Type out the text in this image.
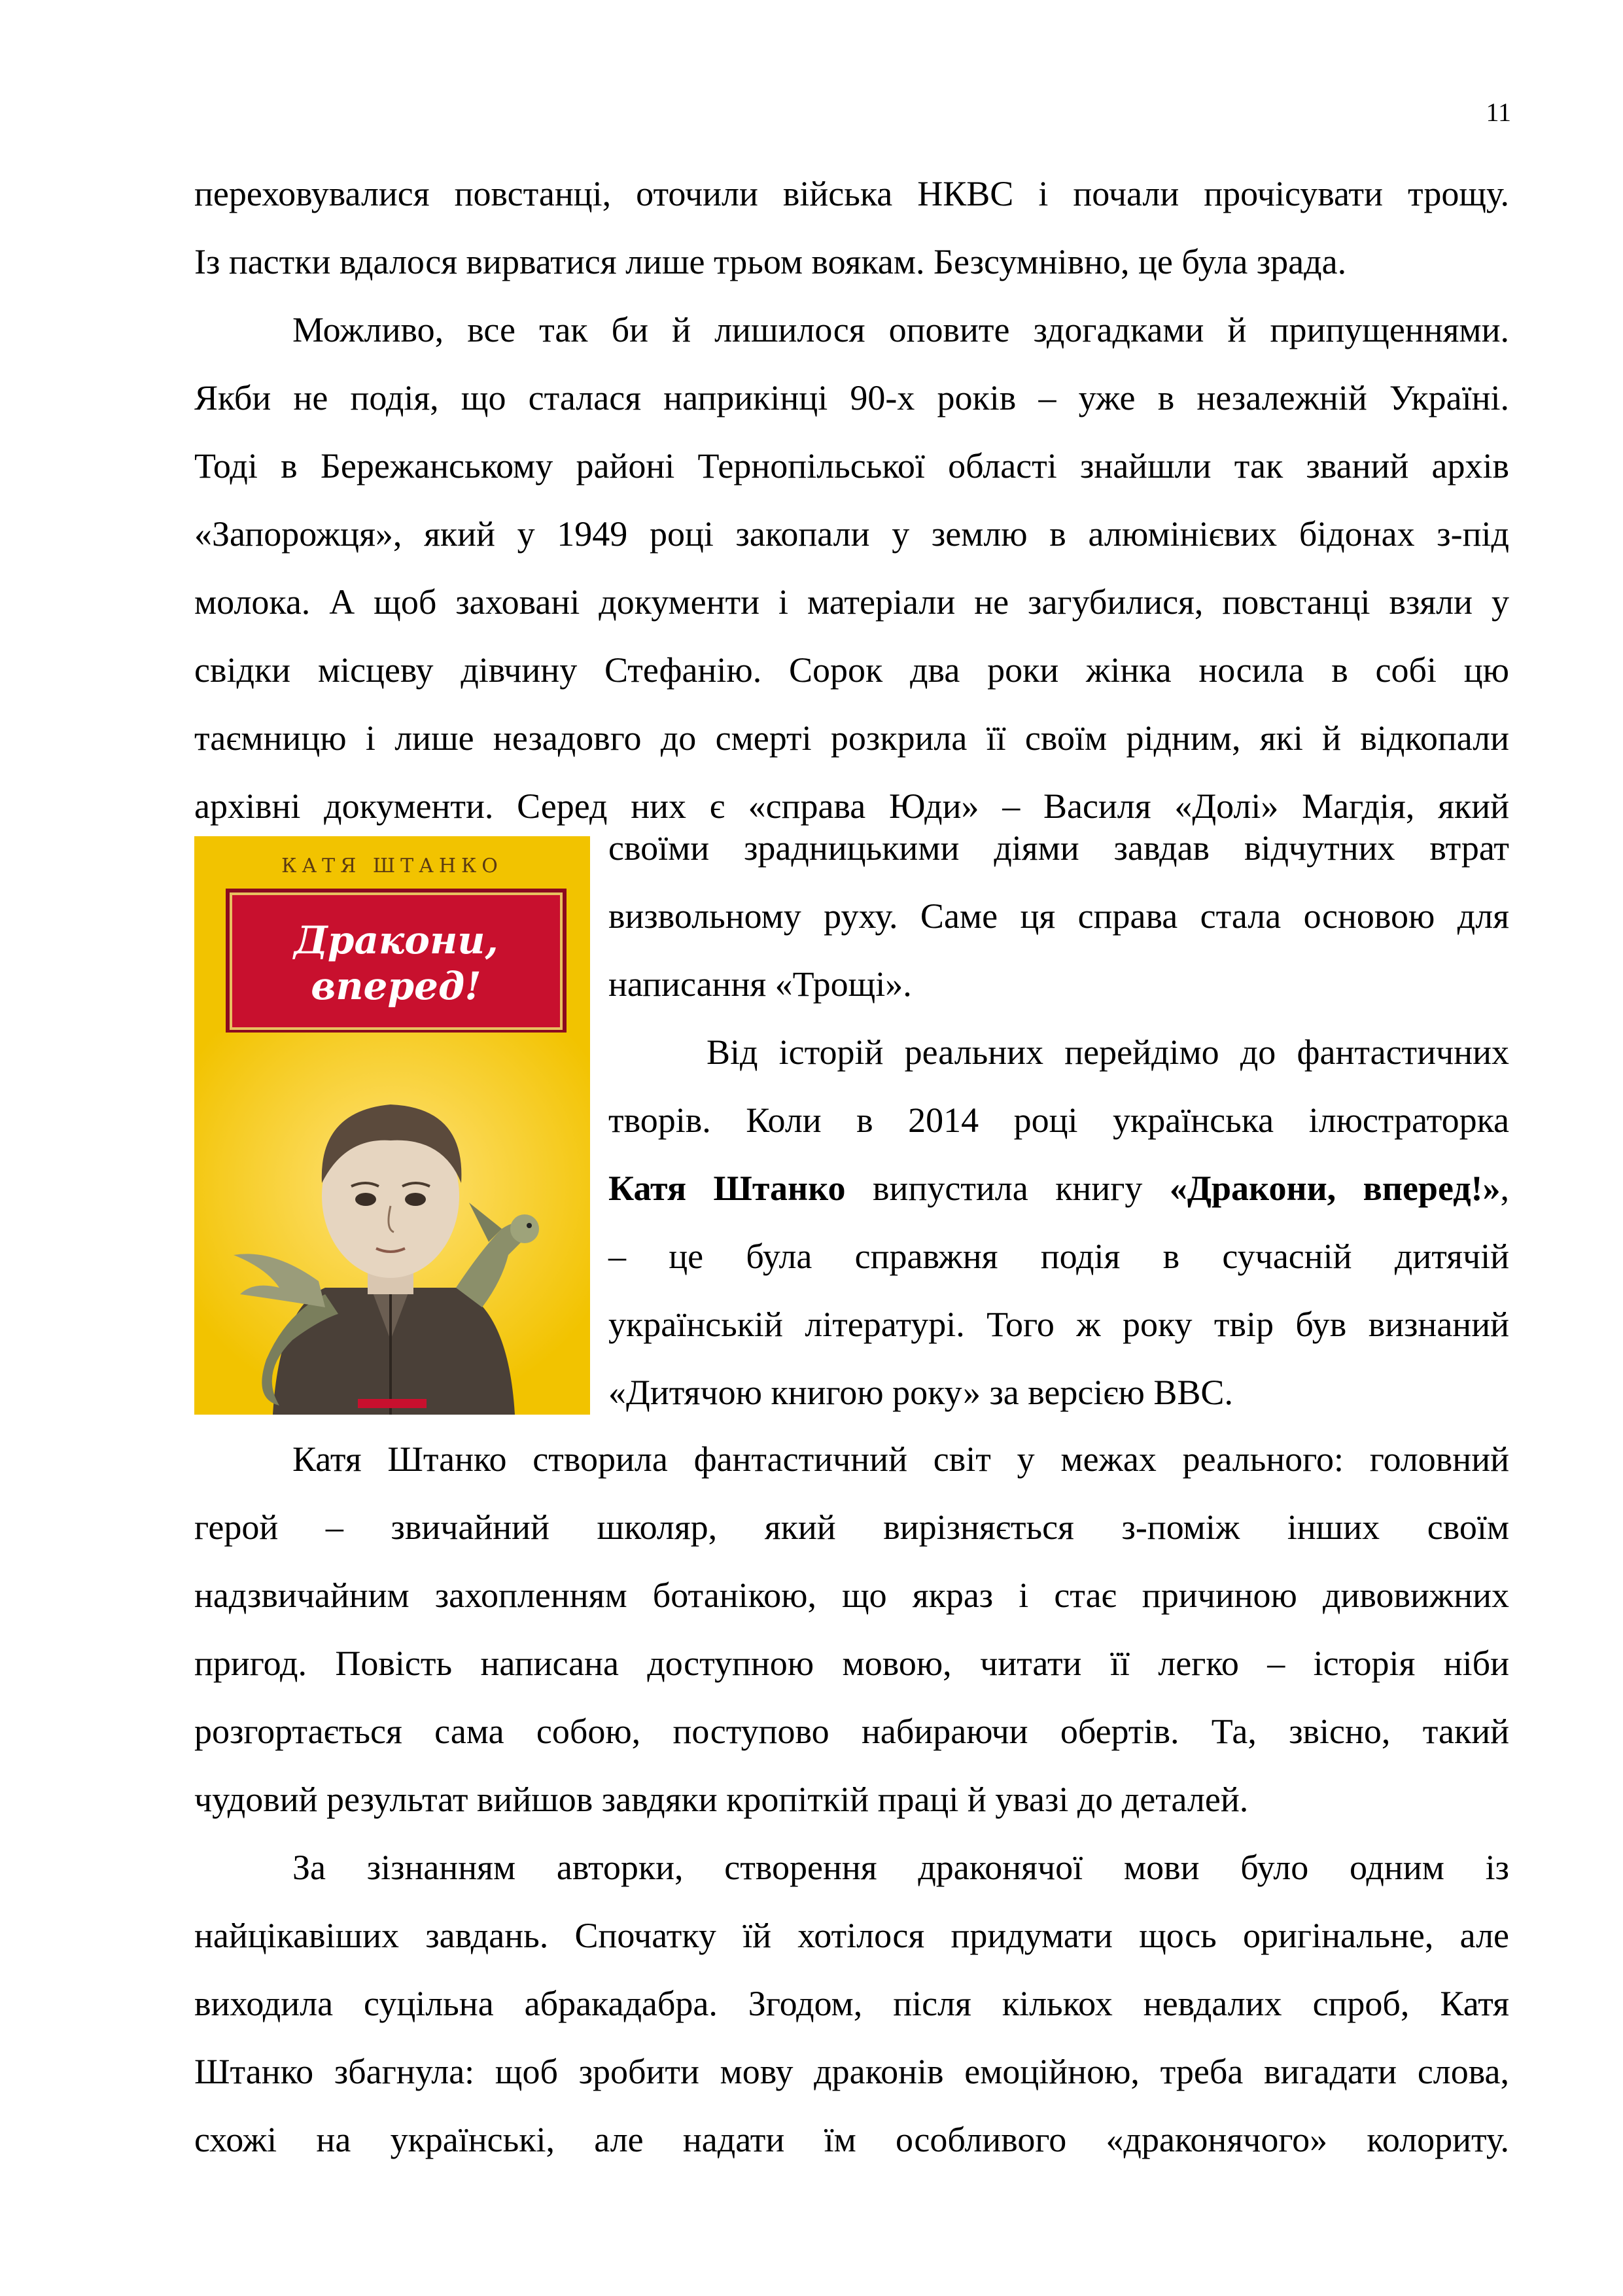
11
переховувалися повстанці, оточили війська НКВС і почали прочісувати трощу.
Із пастки вдалося вирватися лише трьом воякам. Безсумнівно, це була зрада.
Можливо, все так би й лишилося оповите здогадками й припущеннями.
Якби не подія, що сталася наприкінці 90-х років – уже в незалежній Україні.
Тоді в Бережанському районі Тернопільської області знайшли так званий архів
«Запорожця», який у 1949 році закопали у землю в алюмінієвих бідонах з-під
молока. А щоб заховані документи і матеріали не загубилися, повстанці взяли у
свідки місцеву дівчину Стефанію. Сорок два роки жінка носила в собі цю
таємницю і лише незадовго до смерті розкрила її своїм рідним, які й відкопали
архівні документи. Серед них є «справа Юди» – Василя «Долі» Магдія, який
КАТЯ ШТАНКО
Дракони,
вперед!
своїми зрадницькими діями завдав відчутних втрат
визвольному руху. Саме ця справа стала основою для
написання «Трощі».
Від історій реальних перейдімо до фантастичних
творів. Коли в 2014 році українська ілюстраторка
Катя Штанко випустила книгу «Дракони, вперед!»,
– це була справжня подія в сучасній дитячій
українській літературі. Того ж року твір був визнаний
«Дитячою книгою року» за версією BBC.
Катя Штанко створила фантастичний світ у межах реального: головний
герой – звичайний школяр, який вирізняється з-поміж інших своїм
надзвичайним захопленням ботанікою, що якраз і стає причиною дивовижних
пригод. Повість написана доступною мовою, читати її легко – історія ніби
розгортається сама собою, поступово набираючи обертів. Та, звісно, такий
чудовий результат вийшов завдяки кропіткій праці й увазі до деталей.
За зізнанням авторки, створення драконячої мови було одним із
найцікавіших завдань. Спочатку їй хотілося придумати щось оригінальне, але
виходила суцільна абракадабра. Згодом, після кількох невдалих спроб, Катя
Штанко збагнула: щоб зробити мову драконів емоційною, треба вигадати слова,
схожі на українські, але надати їм особливого «драконячого» колориту.
